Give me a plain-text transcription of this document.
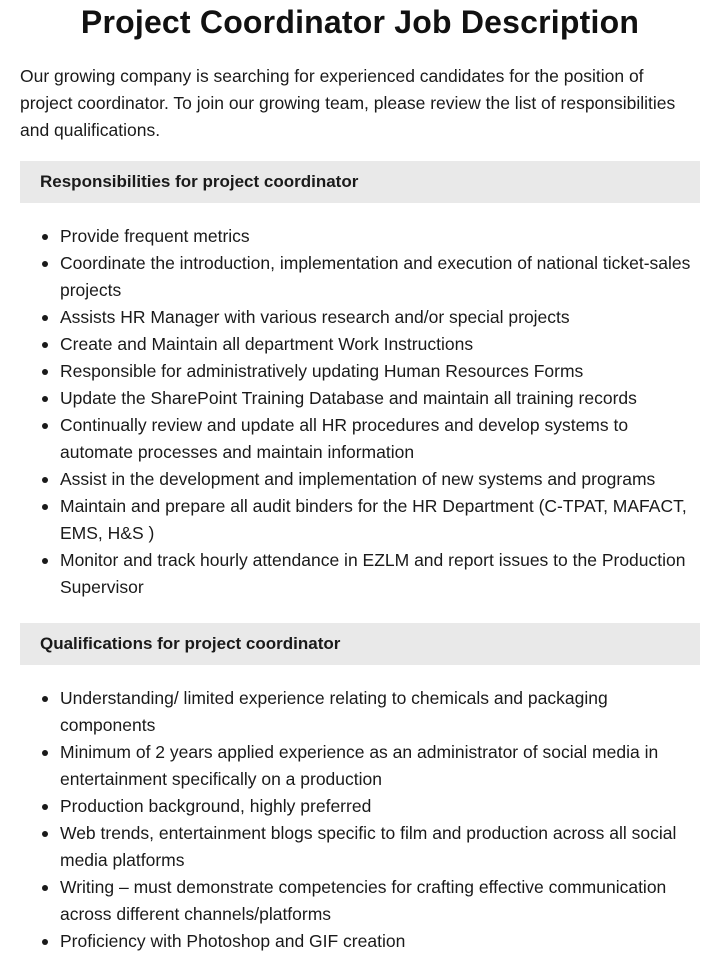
Project Coordinator Job Description

Our growing company is searching for experienced candidates for the position of project coordinator. To join our growing team, please review the list of responsibilities and qualifications.

Responsibilities for project coordinator
Provide frequent metrics
Coordinate the introduction, implementation and execution of national ticket-sales projects
Assists HR Manager with various research and/or special projects
Create and Maintain all department Work Instructions
Responsible for administratively updating Human Resources Forms
Update the SharePoint Training Database and maintain all training records
Continually review and update all HR procedures and develop systems to automate processes and maintain information
Assist in the development and implementation of new systems and programs
Maintain and prepare all audit binders for the HR Department (C-TPAT, MAFACT, EMS, H&S )
Monitor and track hourly attendance in EZLM and report issues to the Production Supervisor
Qualifications for project coordinator
Understanding/ limited experience relating to chemicals and packaging components
Minimum of 2 years applied experience as an administrator of social media in entertainment specifically on a production
Production background, highly preferred
Web trends, entertainment blogs specific to film and production across all social media platforms
Writing – must demonstrate competencies for crafting effective communication across different channels/platforms
Proficiency with Photoshop and GIF creation
